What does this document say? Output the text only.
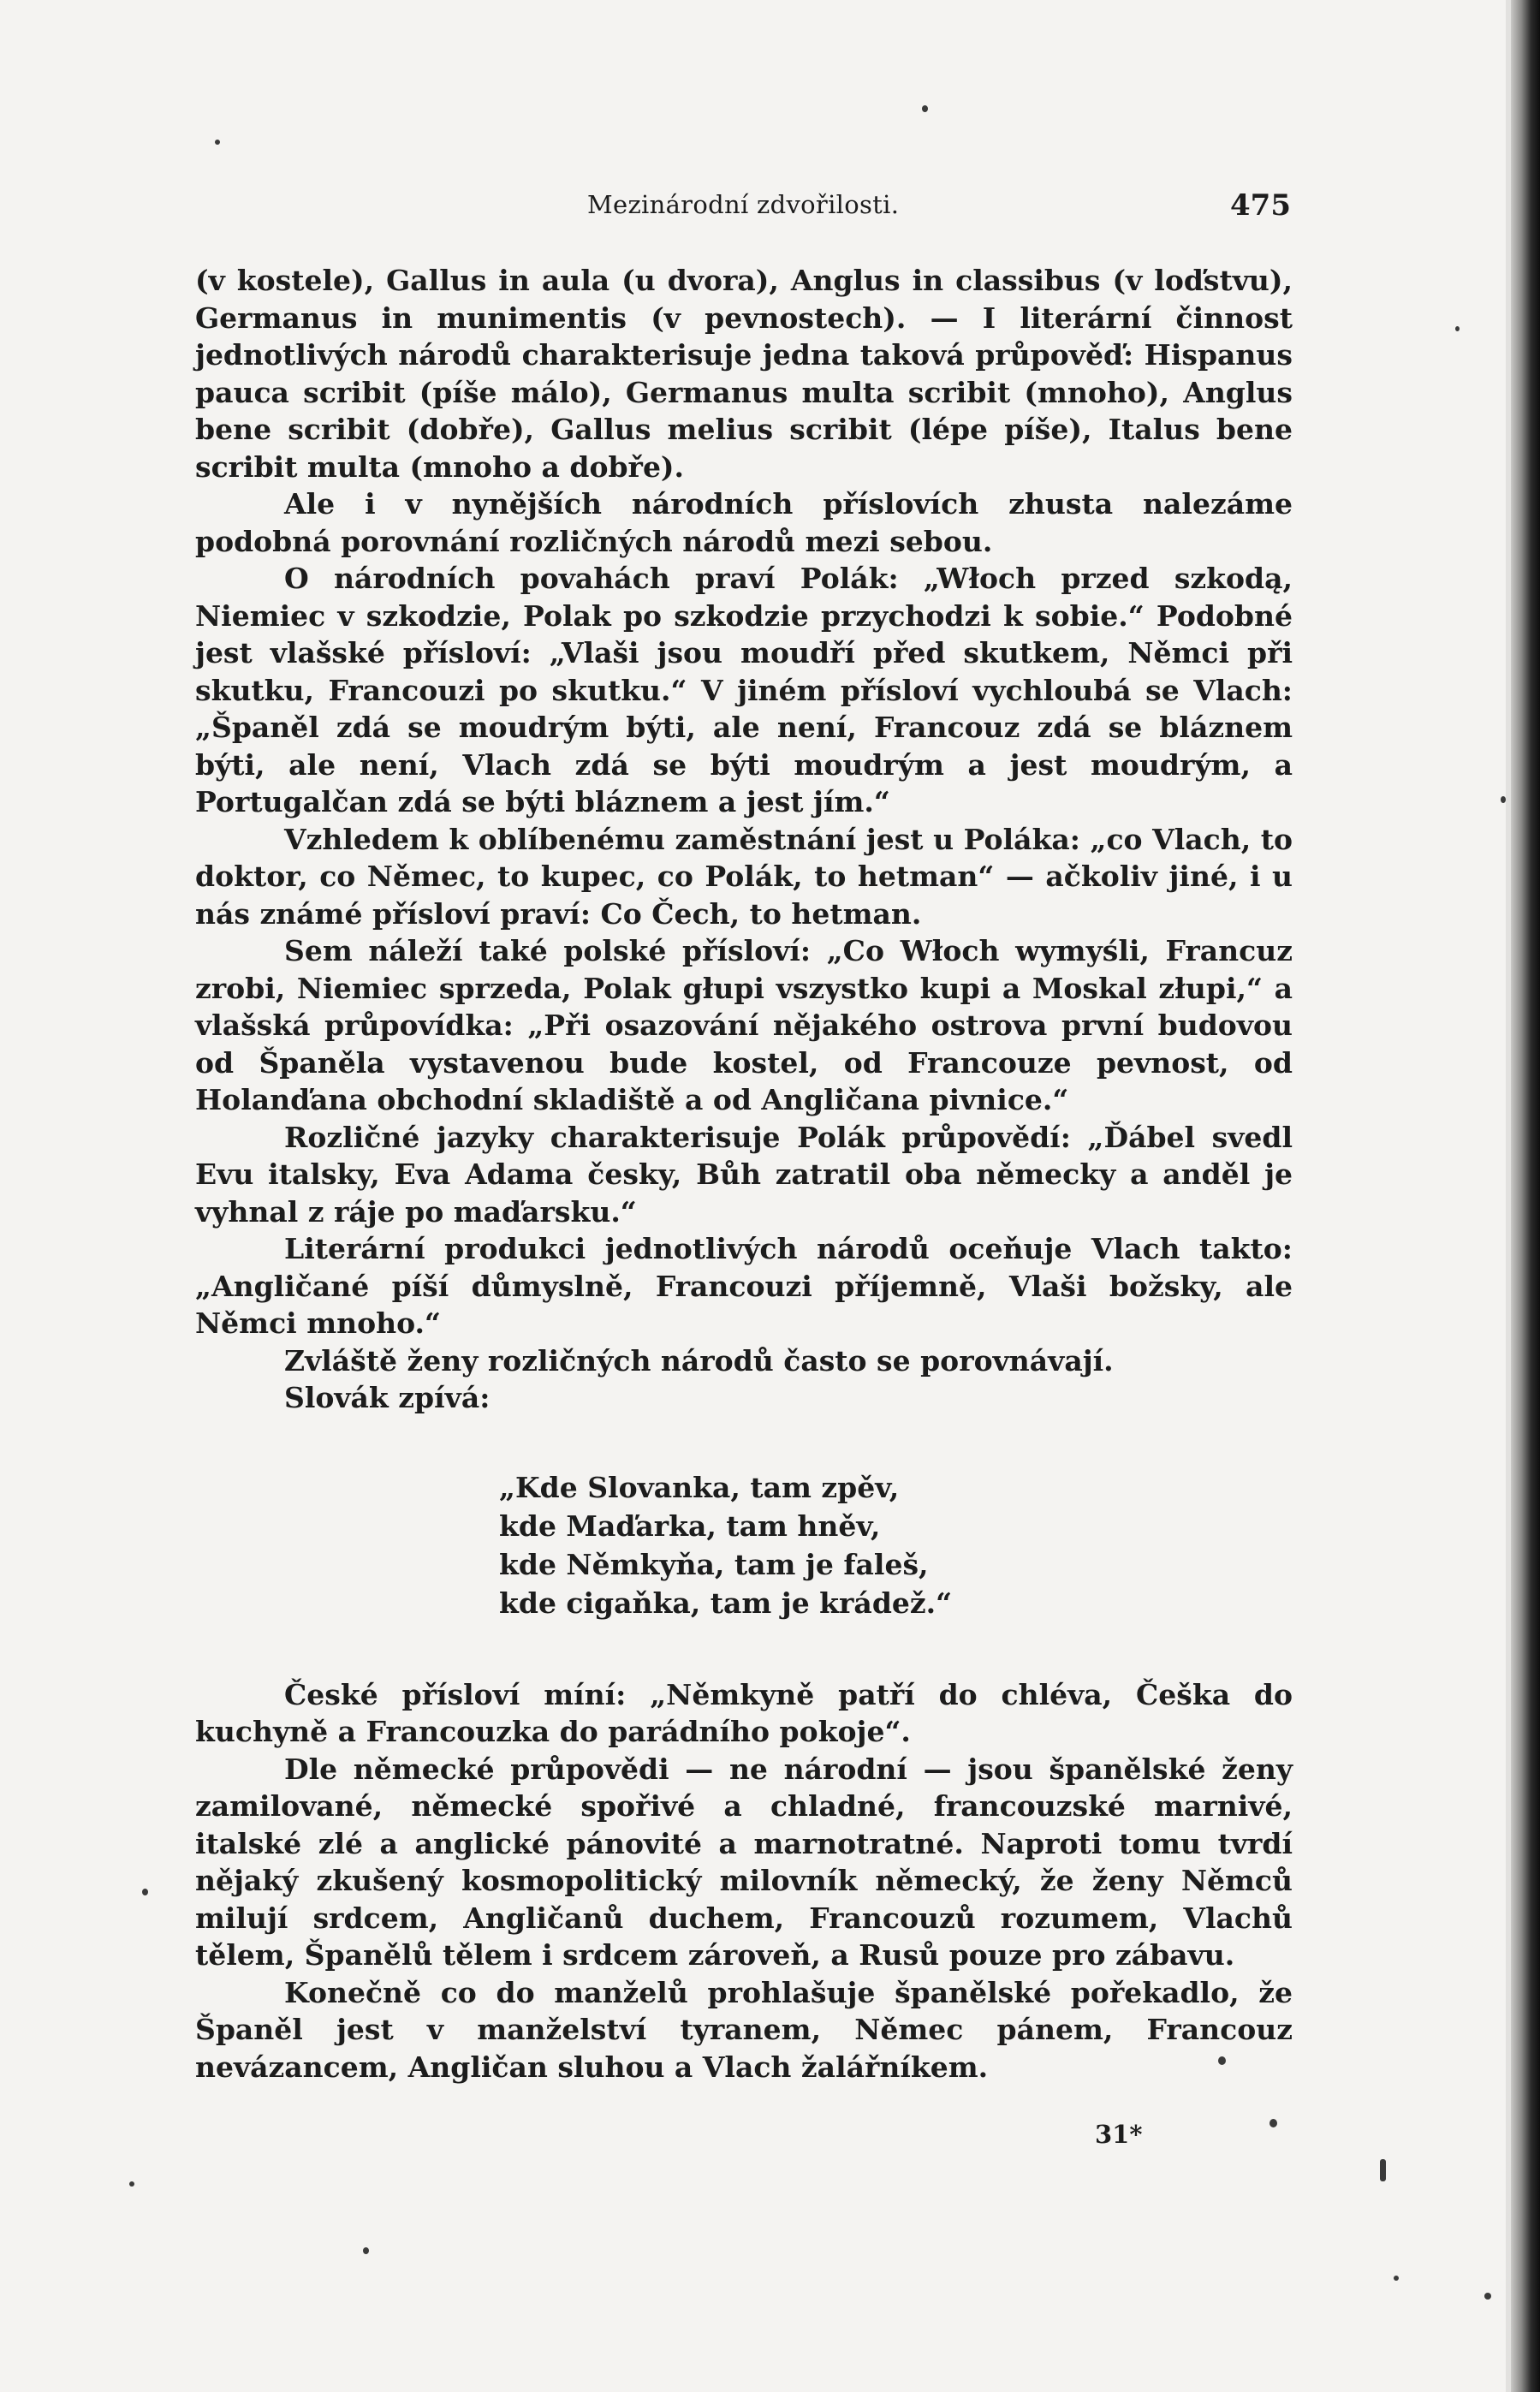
Mezinárodní zdvořilosti.	475

(v kostele), Gallus in aula (u dvora), Anglus in classibus (v loďstvu), Germanus in munimentis (v pevnostech). — I literární činnost jednotlivých národů charakterisuje jedna taková průpověď: Hispanus pauca scribit (píše málo), Germanus multa scribit (mnoho), Anglus bene scribit (dobře), Gallus melius scribit (lépe píše), Italus bene scribit multa (mnoho a dobře).

Ale i v nynějších národních příslovích zhusta nalezáme podobná porovnání rozličných národů mezi sebou.

O národních povahách praví Polák: „Włoch przed szkodą, Niemiec v szkodzie, Polak po szkodzie przychodzi k sobie.“ Podobné jest vlašské přísloví: „Vlaši jsou moudří před skutkem, Němci při skutku, Francouzi po skutku.“ V jiném přísloví vychloubá se Vlach: „Španěl zdá se moudrým býti, ale není, Francouz zdá se bláznem býti, ale není, Vlach zdá se býti moudrým a jest moudrým, a Portugalčan zdá se býti bláznem a jest jím.“

Vzhledem k oblíbenému zaměstnání jest u Poláka: „co Vlach, to doktor, co Němec, to kupec, co Polák, to hetman“ — ačkoliv jiné, i u nás známé přísloví praví: Co Čech, to hetman.

Sem náleží také polské přísloví: „Co Włoch wymyśli, Francuz zrobi, Niemiec sprzeda, Polak głupi vszystko kupi a Moskal złupi,“ a vlašská průpovídka: „Při osazování nějakého ostrova první budovou od Španěla vystavenou bude kostel, od Francouze pevnost, od Holanďana obchodní skladiště a od Angličana pivnice.“

Rozličné jazyky charakterisuje Polák průpovědí: „Ďábel svedl Evu italsky, Eva Adama česky, Bůh zatratil oba německy a anděl je vyhnal z ráje po maďarsku.“

Literární produkci jednotlivých národů oceňuje Vlach takto: „Angličané píší důmyslně, Francouzi příjemně, Vlaši božsky, ale Němci mnoho.“

Zvláště ženy rozličných národů často se porovnávají.

Slovák zpívá:

„Kde Slovanka, tam zpěv,
kde Maďarka, tam hněv,
kde Němkyňa, tam je faleš,
kde cigaňka, tam je krádež.“

České přísloví míní: „Němkyně patří do chléva, Češka do kuchyně a Francouzka do parádního pokoje“.

Dle německé průpovědi — ne národní — jsou španělské ženy zamilované, německé spořivé a chladné, francouzské marnivé, italské zlé a anglické pánovité a marnotratné. Naproti tomu tvrdí nějaký zkušený kosmopolitický milovník německý, že ženy Němců milují srdcem, Angličanů duchem, Francouzů rozumem, Vlachů tělem, Španělů tělem i srdcem zároveň, a Rusů pouze pro zábavu.

Konečně co do manželů prohlašuje španělské pořekadlo, že Španěl jest v manželství tyranem, Němec pánem, Francouz nevázancem, Angličan sluhou a Vlach žalářníkem.

31*
